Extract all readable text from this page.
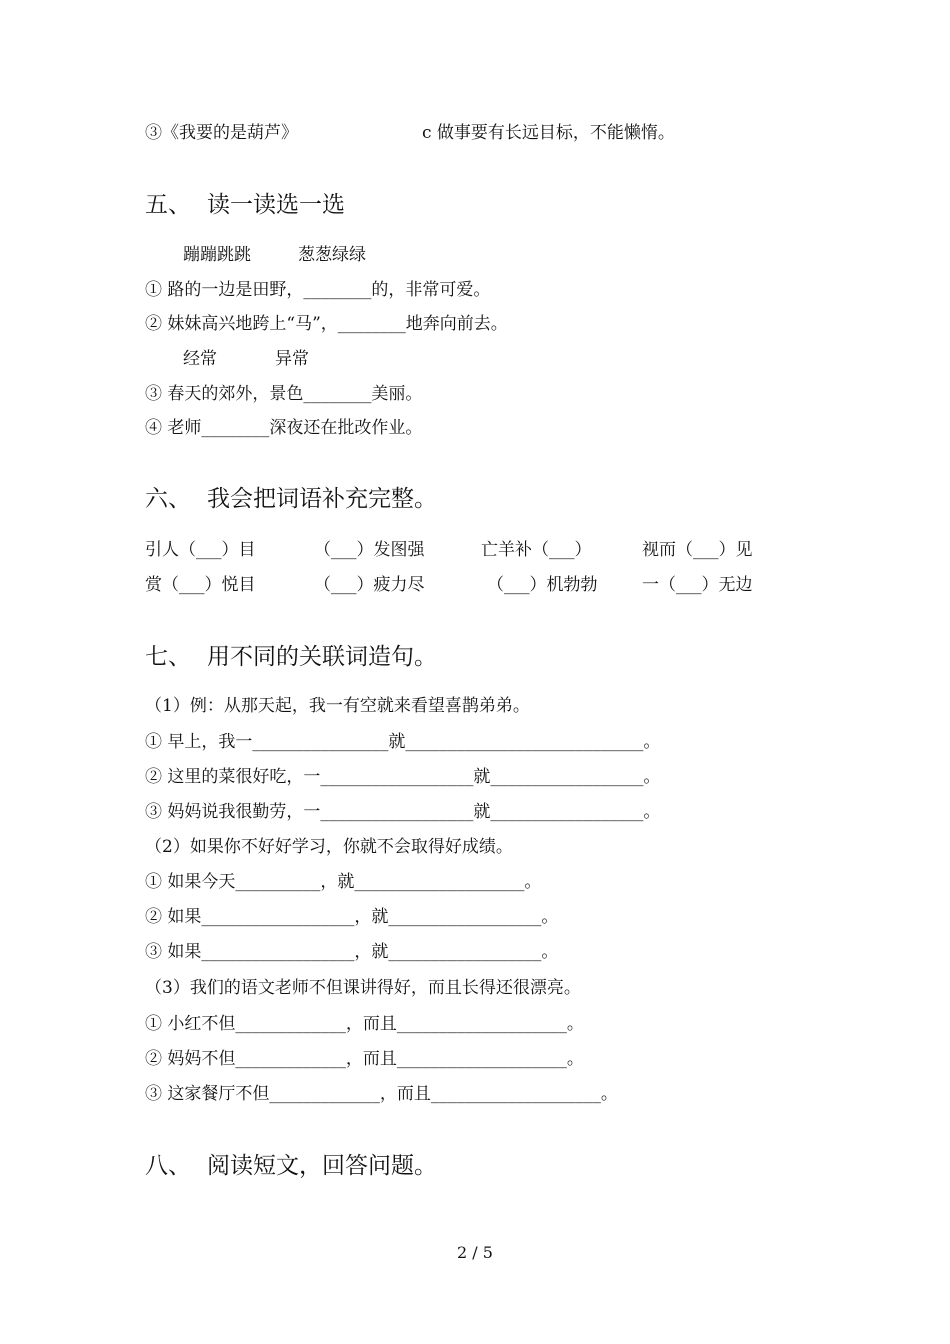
③《我要的是葫芦》	c 做事要有长远目标，不能懒惰。
五、 读一读选一选
蹦蹦跳跳	葱葱绿绿
① 路的一边是田野，________的，非常可爱。
② 妹妹高兴地跨上“马”，________地奔向前去。
经常	异常
③ 春天的郊外，景色________美丽。
④ 老师________深夜还在批改作业。
六、 我会把词语补充完整。
引人（___）目	（___）发图强	亡羊补（___）	视而（___）见
赏（___）悦目	（___）疲力尽	（___）机勃勃	一（___）无边
七、 用不同的关联词造句。
（1）例：从那天起，我一有空就来看望喜鹊弟弟。
① 早上，我一________________就____________________________。
② 这里的菜很好吃，一__________________就__________________。
③ 妈妈说我很勤劳，一__________________就__________________。
（2）如果你不好好学习，你就不会取得好成绩。
① 如果今天__________，就____________________。
② 如果__________________，就__________________。
③ 如果__________________，就__________________。
（3）我们的语文老师不但课讲得好，而且长得还很漂亮。
① 小红不但_____________，而且____________________。
② 妈妈不但_____________，而且____________________。
③ 这家餐厅不但_____________，而且____________________。
八、 阅读短文，回答问题。
2 / 5
